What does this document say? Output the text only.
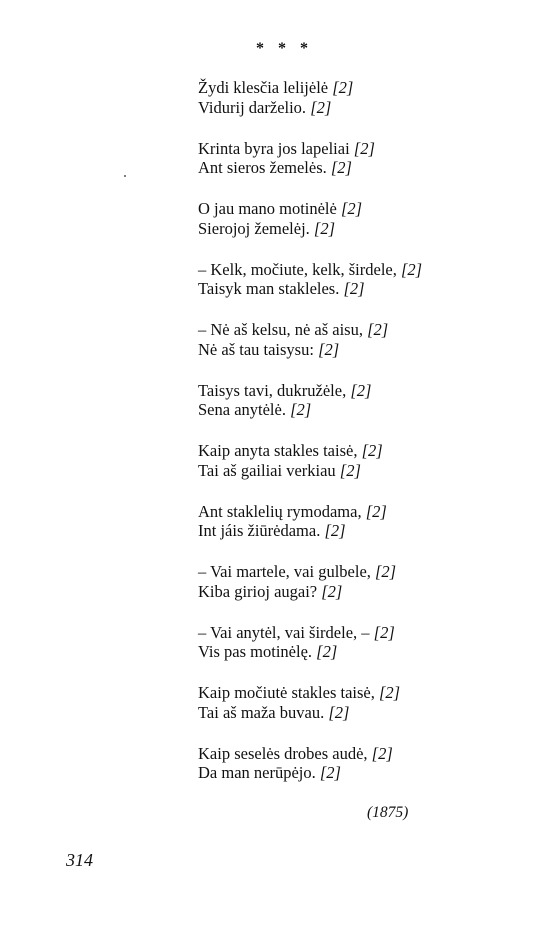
* * *
Žydi klesčia lelijėlė [2]
Vidurij darželio. [2]
Krinta byra jos lapeliai [2]
Ant sieros žemelės. [2]
O jau mano motinėlė [2]
Sierojoj žemelėj. [2]
– Kelk, močiute, kelk, širdele, [2]
Taisyk man stakleles. [2]
– Nė aš kelsu, nė aš aisu, [2]
Nė aš tau taisysu: [2]
Taisys tavi, dukružėle, [2]
Sena anytėlė. [2]
Kaip anyta stakles taisė, [2]
Tai aš gailiai verkiau [2]
Ant staklelių rymodama, [2]
Int jáis žiūrėdama. [2]
– Vai martele, vai gulbele, [2]
Kiba girioj augai? [2]
– Vai anytėl, vai širdele, – [2]
Vis pas motinėlę. [2]
Kaip močiutė stakles taisė, [2]
Tai aš maža buvau. [2]
Kaip seselės drobes audė, [2]
Da man nerūpėjo. [2]
(1875)
314
